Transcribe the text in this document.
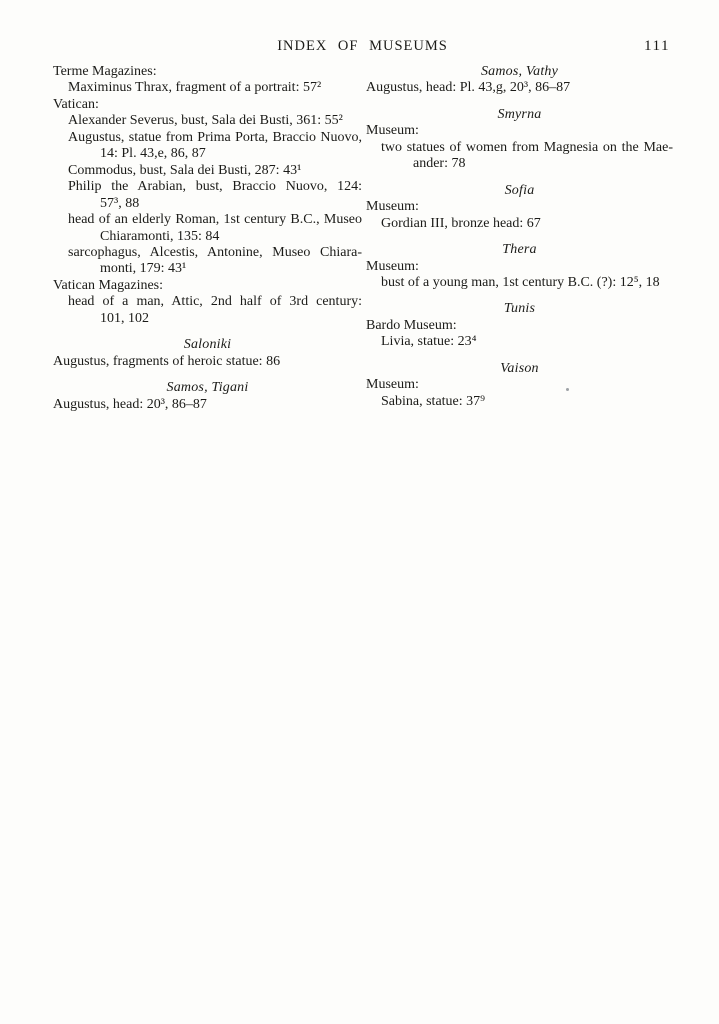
INDEX OF MUSEUMS	111
Terme Magazines:
Maximinus Thrax, fragment of a portrait: 57²
Vatican:
Alexander Severus, bust, Sala dei Busti, 361: 55²
Augustus, statue from Prima Porta, Braccio Nuovo,
14: Pl. 43,e, 86, 87
Commodus, bust, Sala dei Busti, 287: 43¹
Philip the Arabian, bust, Braccio Nuovo, 124:
57³, 88
head of an elderly Roman, 1st century B.C., Museo
Chiaramonti, 135: 84
sarcophagus, Alcestis, Antonine, Museo Chiara-
monti, 179: 43¹
Vatican Magazines:
head of a man, Attic, 2nd half of 3rd century:
101, 102
Saloniki
Augustus, fragments of heroic statue: 86
Samos, Tigani
Augustus, head: 20³, 86–87
Samos, Vathy
Augustus, head: Pl. 43,g, 20³, 86–87
Smyrna
Museum:
two statues of women from Magnesia on the Mae-
ander: 78
Sofia
Museum:
Gordian III, bronze head: 67
Thera
Museum:
bust of a young man, 1st century B.C. (?): 12⁵, 18
Tunis
Bardo Museum:
Livia, statue: 23⁴
Vaison
Museum:
Sabina, statue: 37⁹
